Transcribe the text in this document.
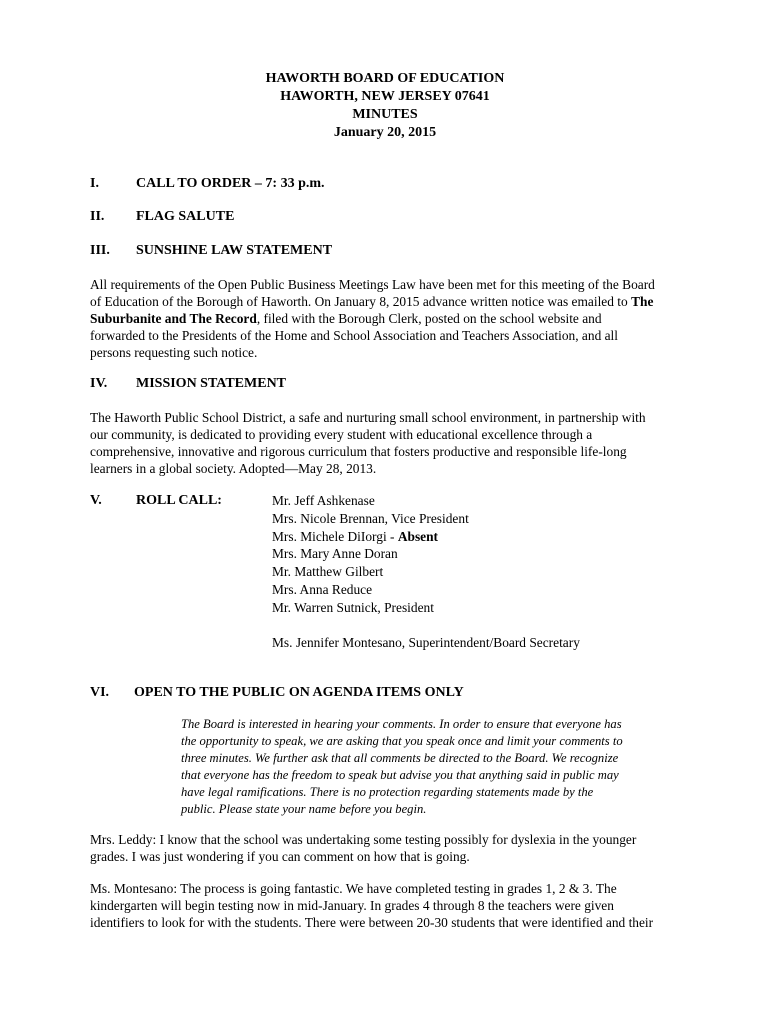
HAWORTH BOARD OF EDUCATION
HAWORTH, NEW JERSEY 07641
MINUTES
January 20, 2015
I.	CALL TO ORDER – 7: 33 p.m.
II. FLAG SALUTE
III. SUNSHINE LAW STATEMENT
All requirements of the Open Public Business Meetings Law have been met for this meeting of the Board
of Education of the Borough of Haworth. On January 8, 2015 advance written notice was emailed to The
Suburbanite and The Record, filed with the Borough Clerk, posted on the school website and
forwarded to the Presidents of the Home and School Association and Teachers Association, and all
persons requesting such notice.
IV. MISSION STATEMENT
The Haworth Public School District, a safe and nurturing small school environment, in partnership with
our community, is dedicated to providing every student with educational excellence through a
comprehensive, innovative and rigorous curriculum that fosters productive and responsible life-long
learners in a global society. Adopted—May 28, 2013.
V. ROLL CALL:	Mr. Jeff Ashkenase
Mrs. Nicole Brennan, Vice President
Mrs. Michele DiIorgi - Absent
Mrs. Mary Anne Doran
Mr. Matthew Gilbert
Mrs. Anna Reduce
Mr. Warren Sutnick, President
Ms. Jennifer Montesano, Superintendent/Board Secretary
VI. OPEN TO THE PUBLIC ON AGENDA ITEMS ONLY
The Board is interested in hearing your comments. In order to ensure that everyone has
the opportunity to speak, we are asking that you speak once and limit your comments to
three minutes. We further ask that all comments be directed to the Board. We recognize
that everyone has the freedom to speak but advise you that anything said in public may
have legal ramifications. There is no protection regarding statements made by the
public. Please state your name before you begin.
Mrs. Leddy: I know that the school was undertaking some testing possibly for dyslexia in the younger
grades. I was just wondering if you can comment on how that is going.
Ms. Montesano: The process is going fantastic. We have completed testing in grades 1, 2 & 3. The
kindergarten will begin testing now in mid-January. In grades 4 through 8 the teachers were given
identifiers to look for with the students. There were between 20-30 students that were identified and their
